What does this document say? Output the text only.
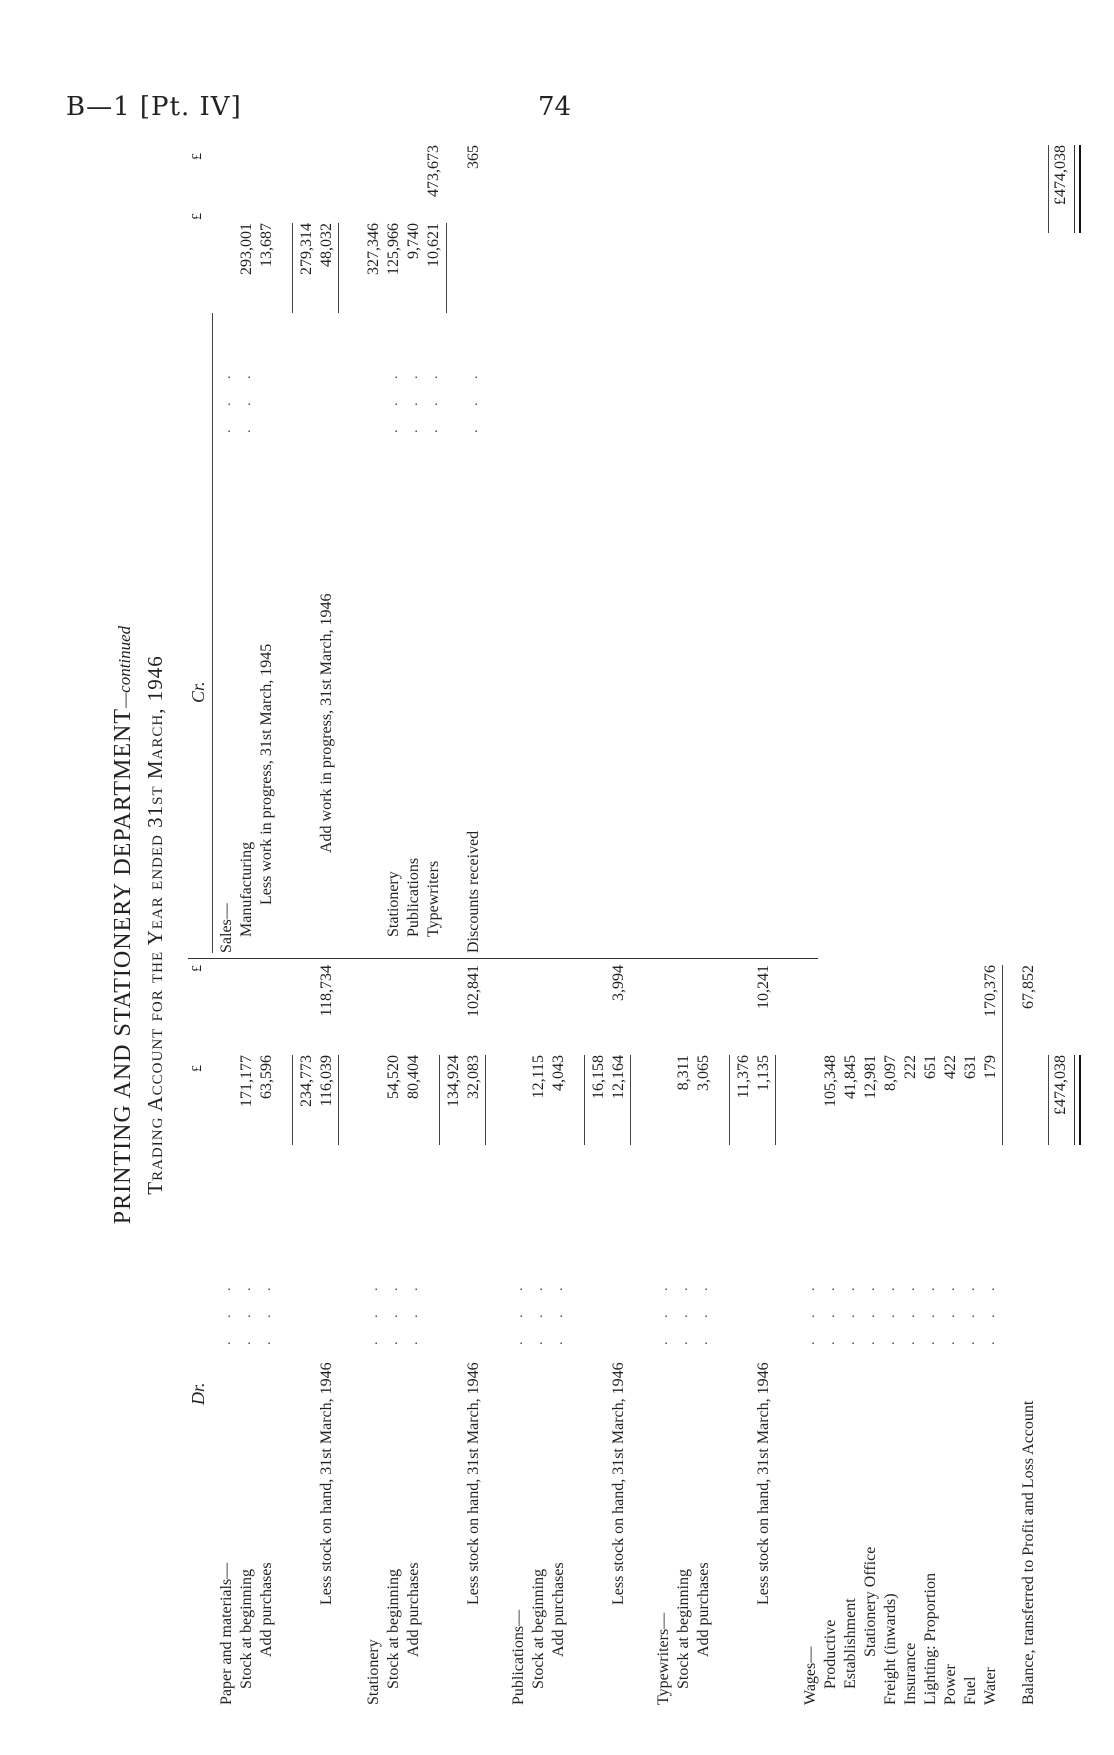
B—1 [Pt. IV]	74
PRINTING AND STATIONERY DEPARTMENT—continued Trading Account for the Year ended 31st March, 1946
Dr.
£
£
Paper and materials—
. . .
Stock at beginning
. . .
171,177
Add purchases
. . .
63,596 234,773
Less stock on hand, 31st March, 1946
116,039
118,734
Stationery
. . .
Stock at beginning
. . .
54,520
Add purchases
. . .
80,404 134,924
Less stock on hand, 31st March, 1946
32,083
102,841
Publications—
. . .
Stock at beginning
. . .
12,115
Add purchases
. . .
4,043 16,158
Less stock on hand, 31st March, 1946
12,164
3,994
Typewriters—
. . .
Stock at beginning
. . .
8,311
Add purchases
. . .
3,065 11,376
Less stock on hand, 31st March, 1946
1,135
10,241
Wages—
. . .
Productive
. . .
105,348
Establishment
. . .
41,845
Stationery Office
. . .
12,981
Freight (inwards)
. . .
8,097
Insurance
. . .
222
Lighting: Proportion
. . .
651
Power
. . .
422
Fuel
. . .
631
Water
. . .
179
170,376
Balance, transferred to Profit and Loss Account
67,852
£474,038
Cr.
£
£
Sales—
. . .
Manufacturing
. . .
293,001
Less work in progress, 31st March, 1945
13,687 279,314
Add work in progress, 31st March, 1946
48,032 327,346
Stationery
. . .
125,966
Publications
. . .
9,740
Typewriters
. . .
10,621
473,673
Discounts received
. . .
365	£474,038
